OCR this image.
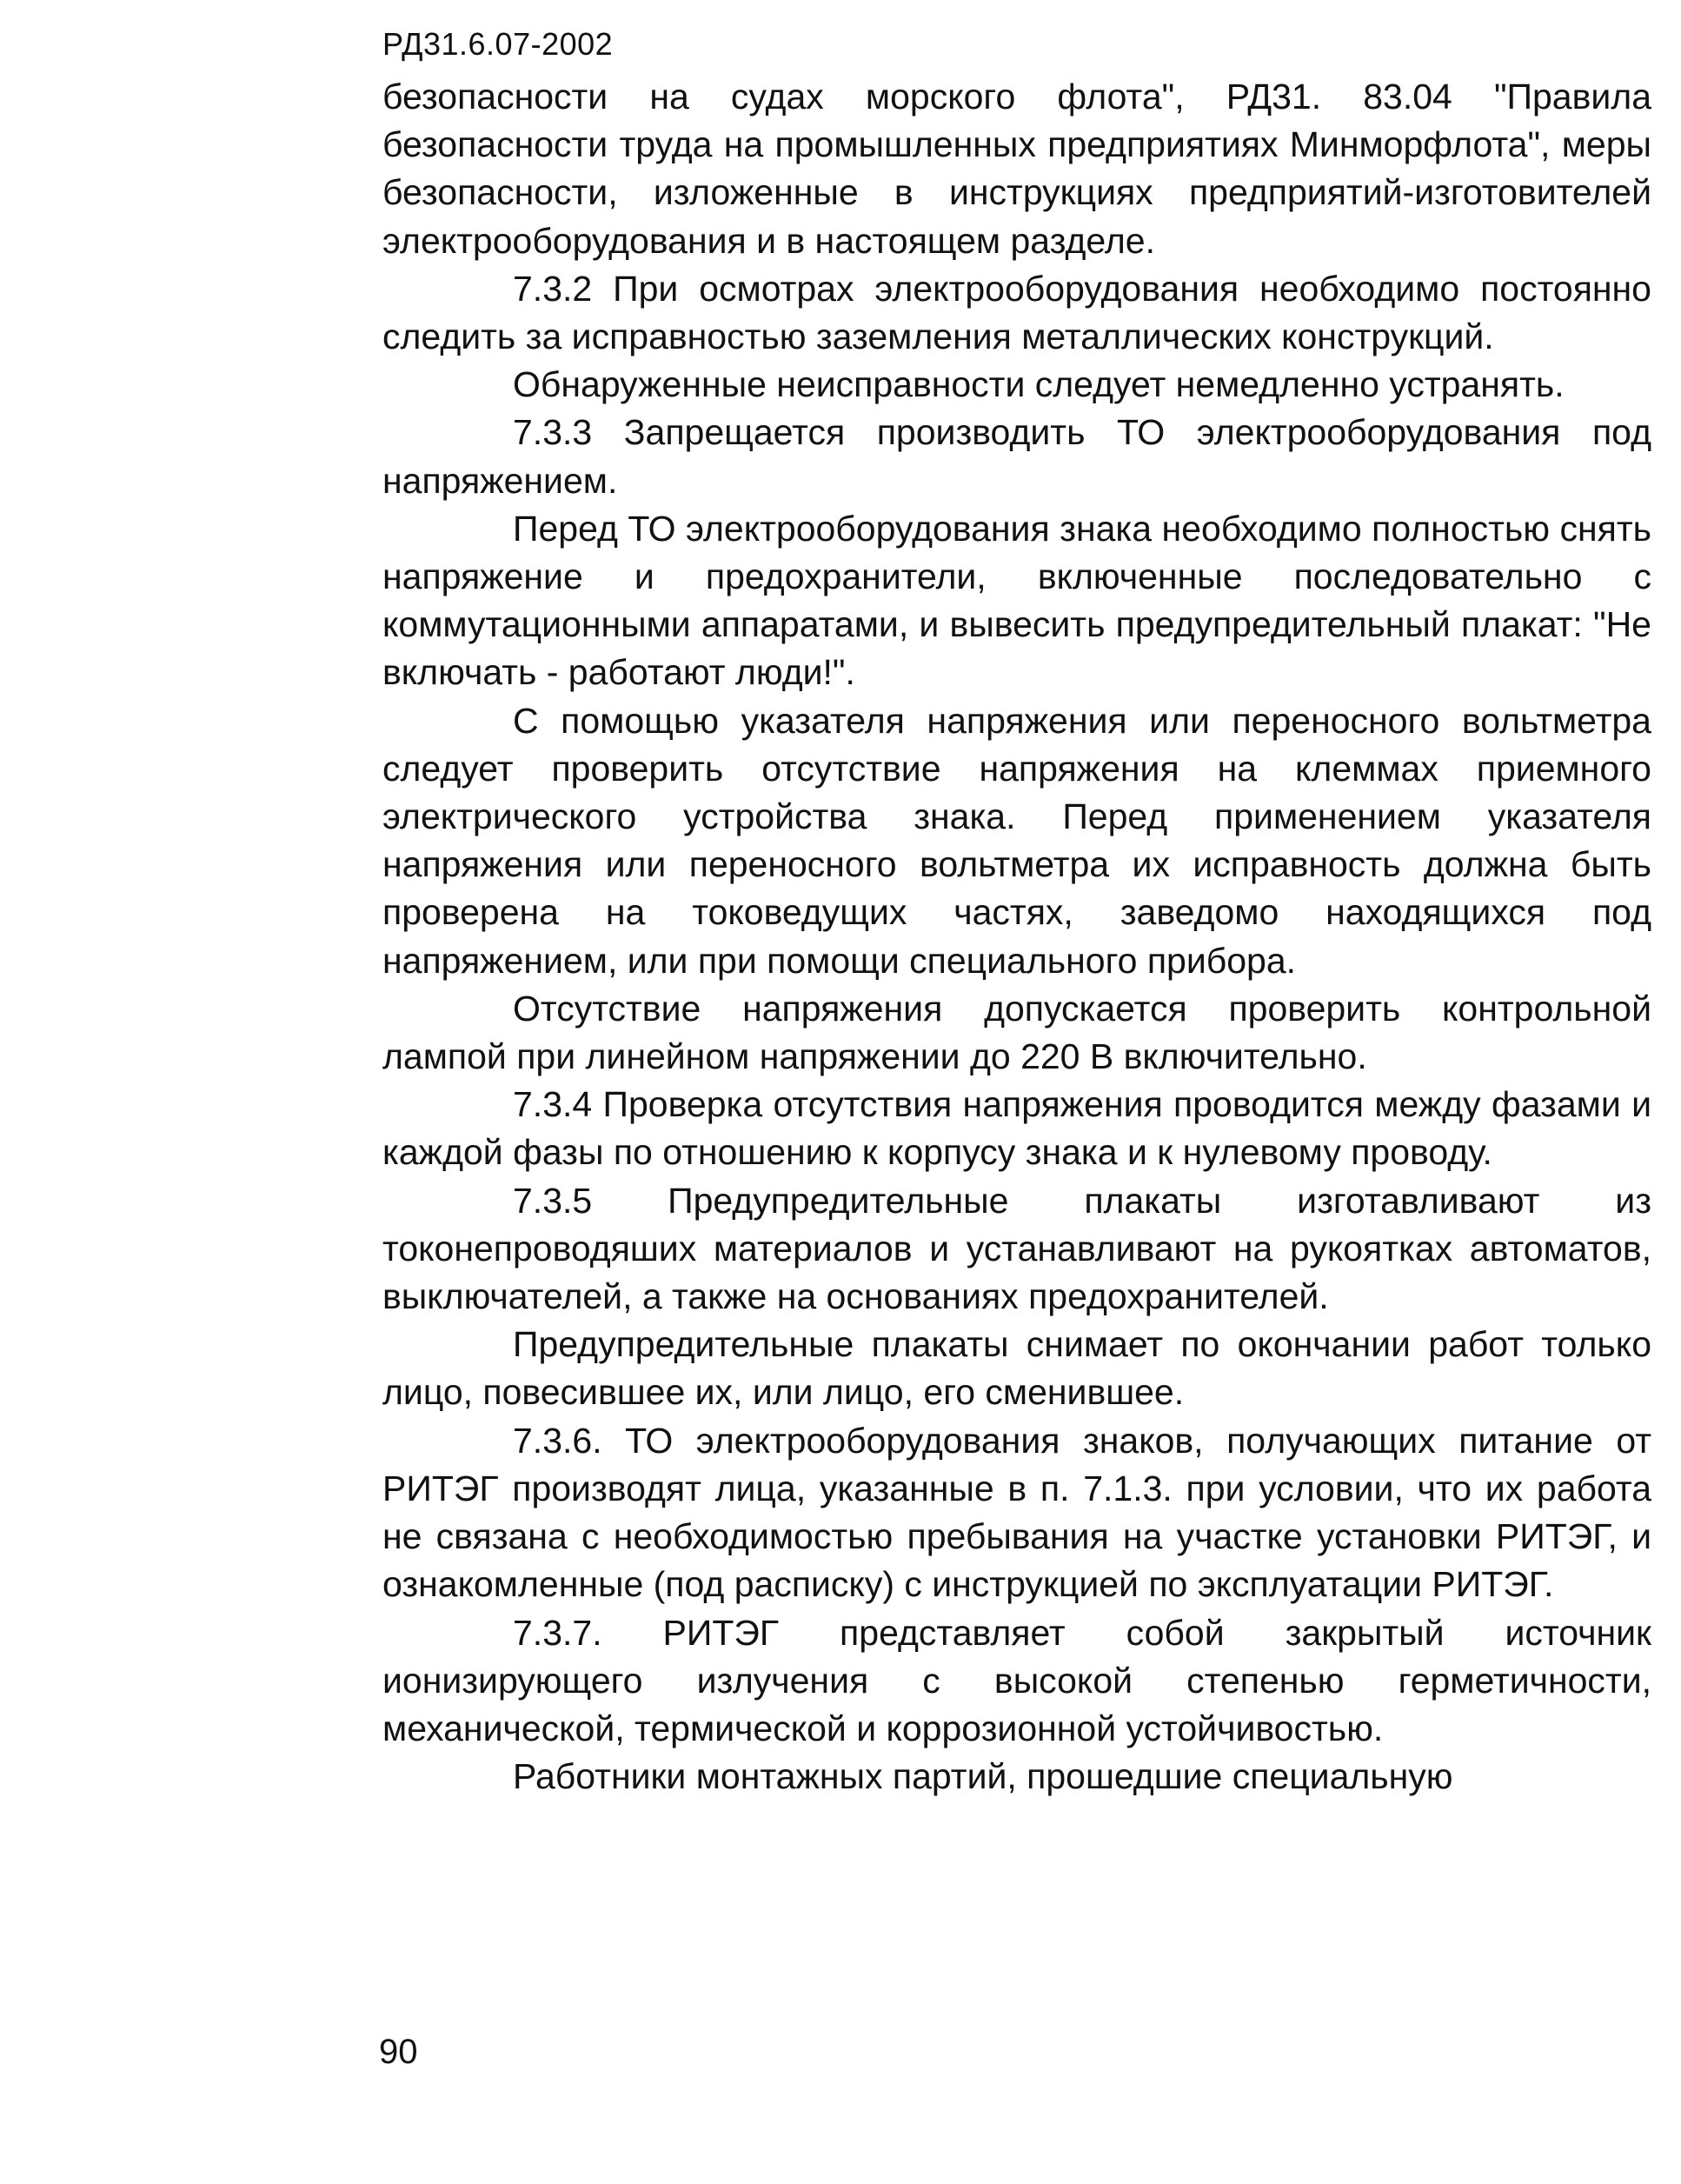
РД31.6.07-2002

безопасности на судах морского флота", РД31. 83.04 "Правила безопасности труда на промышленных предприятиях Минморфлота", меры безопасности, изложенные в инструкциях предприятий-изготовителей электрооборудования и в настоящем разделе.

7.3.2 При осмотрах электрооборудования необходимо постоянно следить за исправностью заземления металлических конструкций.

Обнаруженные неисправности следует немедленно устранять.

7.3.3 Запрещается производить ТО электрооборудования под напряжением.

Перед ТО электрооборудования знака необходимо полностью снять напряжение и предохранители, включенные последовательно с коммутационными аппаратами, и вывесить предупредительный плакат: "Не включать - работают люди!".

С помощью указателя напряжения или переносного вольтметра следует проверить отсутствие напряжения на клеммах приемного электрического устройства знака. Перед применением указателя напряжения или переносного вольтметра их исправность должна быть проверена на токоведущих частях, заведомо находящихся под напряжением, или при помощи специального прибора.

Отсутствие напряжения допускается проверить контрольной лампой при линейном напряжении до 220 В включительно.

7.3.4 Проверка отсутствия напряжения проводится между фазами и каждой фазы по отношению к корпусу знака и к нулевому проводу.

7.3.5 Предупредительные плакаты изготавливают из токонепроводяших материалов и устанавливают на рукоятках автоматов, выключателей, а также на основаниях предохранителей.

Предупредительные плакаты снимает по окончании работ только лицо, повесившее их, или лицо, его сменившее.

7.3.6. ТО электрооборудования знаков, получающих питание от РИТЭГ производят лица, указанные в п. 7.1.3. при условии, что их работа не связана с необходимостью пребывания на участке установки РИТЭГ, и ознакомленные (под расписку) с инструкцией по эксплуатации РИТЭГ.

7.3.7. РИТЭГ представляет собой закрытый источник ионизирующего излучения с высокой степенью герметичности, механической, термической и коррозионной устойчивостью.

Работники монтажных партий, прошедшие специальную

90
